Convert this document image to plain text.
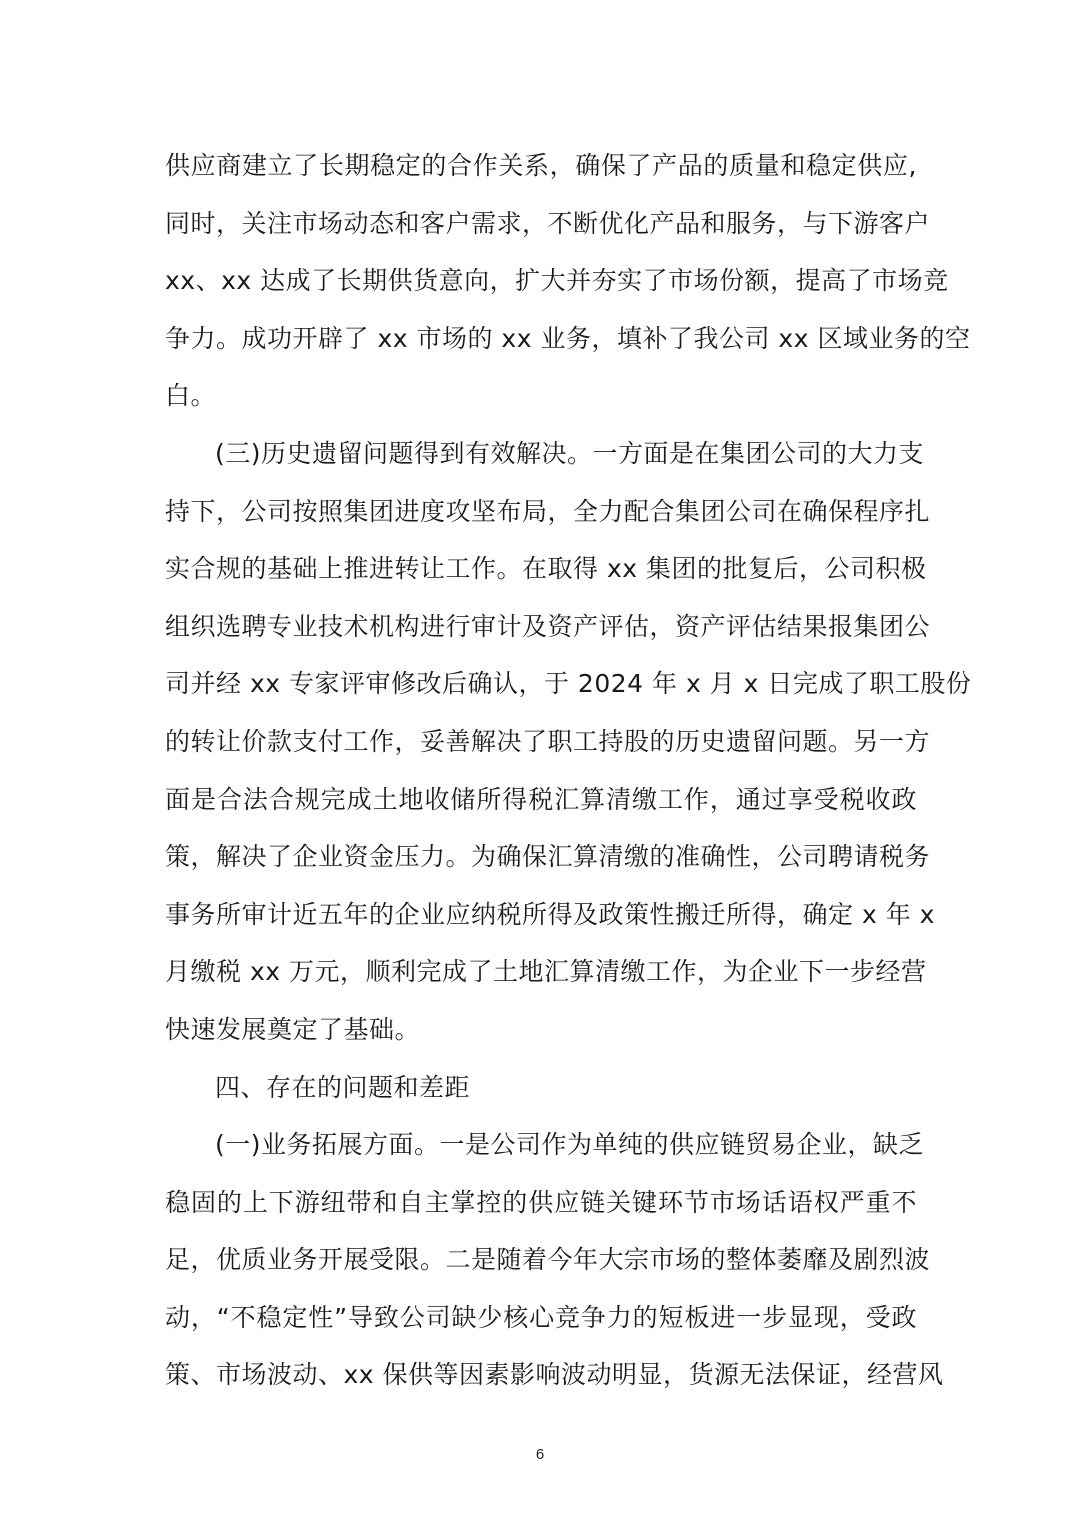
供应商建立了长期稳定的合作关系，确保了产品的质量和稳定供应,
同时，关注市场动态和客户需求，不断优化产品和服务，与下游客户
xx、xx 达成了长期供货意向，扩大并夯实了市场份额，提高了市场竞
争力。成功开辟了 xx 市场的 xx 业务，填补了我公司 xx 区域业务的空
白。
(三)历史遗留问题得到有效解决。一方面是在集团公司的大力支
持下，公司按照集团进度攻坚布局，全力配合集团公司在确保程序扎
实合规的基础上推进转让工作。在取得 xx 集团的批复后，公司积极
组织选聘专业技术机构进行审计及资产评估，资产评估结果报集团公
司并经 xx 专家评审修改后确认，于 2024 年 x 月 x 日完成了职工股份
的转让价款支付工作，妥善解决了职工持股的历史遗留问题。另一方
面是合法合规完成土地收储所得税汇算清缴工作，通过享受税收政
策，解决了企业资金压力。为确保汇算清缴的准确性，公司聘请税务
事务所审计近五年的企业应纳税所得及政策性搬迁所得，确定 x 年 x
月缴税 xx 万元，顺利完成了土地汇算清缴工作，为企业下一步经营
快速发展奠定了基础。
四、存在的问题和差距
(一)业务拓展方面。一是公司作为单纯的供应链贸易企业，缺乏
稳固的上下游纽带和自主掌控的供应链关键环节市场话语权严重不
足，优质业务开展受限。二是随着今年大宗市场的整体萎靡及剧烈波
动，“不稳定性”导致公司缺少核心竞争力的短板进一步显现，受政
策、市场波动、xx 保供等因素影响波动明显，货源无法保证，经营风
6
